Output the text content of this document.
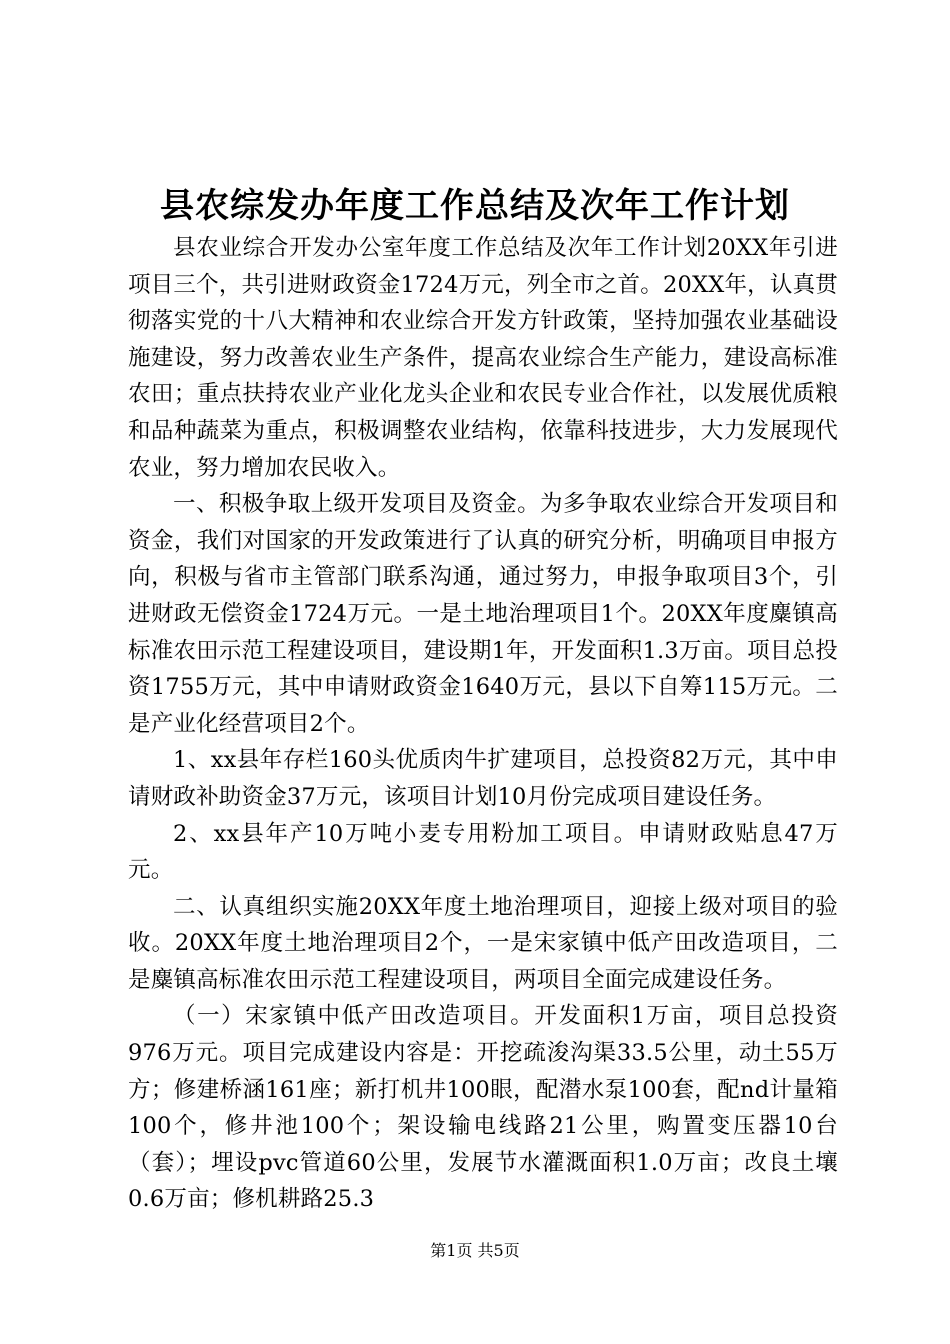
县农综发办年度工作总结及次年工作计划

县农业综合开发办公室年度工作总结及次年工作计划20XX年引进项目三个，共引进财政资金1724万元，列全市之首。20XX年，认真贯彻落实党的十八大精神和农业综合开发方针政策，坚持加强农业基础设施建设，努力改善农业生产条件，提高农业综合生产能力，建设高标准农田；重点扶持农业产业化龙头企业和农民专业合作社，以发展优质粮和品种蔬菜为重点，积极调整农业结构，依靠科技进步，大力发展现代农业，努力增加农民收入。

一、积极争取上级开发项目及资金。为多争取农业综合开发项目和资金，我们对国家的开发政策进行了认真的研究分析，明确项目申报方向，积极与省市主管部门联系沟通，通过努力，申报争取项目3个，引进财政无偿资金1724万元。一是土地治理项目1个。20XX年度麋镇高标准农田示范工程建设项目，建设期1年，开发面积1.3万亩。项目总投资1755万元，其中申请财政资金1640万元，县以下自筹115万元。二是产业化经营项目2个。

1、xx县年存栏160头优质肉牛扩建项目，总投资82万元，其中申请财政补助资金37万元，该项目计划10月份完成项目建设任务。

2、xx县年产10万吨小麦专用粉加工项目。申请财政贴息47万元。

二、认真组织实施20XX年度土地治理项目，迎接上级对项目的验收。20XX年度土地治理项目2个，一是宋家镇中低产田改造项目，二是麋镇高标准农田示范工程建设项目，两项目全面完成建设任务。

（一）宋家镇中低产田改造项目。开发面积1万亩，项目总投资976万元。项目完成建设内容是：开挖疏浚沟渠33.5公里，动土55万方；修建桥涵161座；新打机井100眼，配潜水泵100套，配nd计量箱100个，修井池100个；架设输电线路21公里，购置变压器10台（套）；埋设pvc管道60公里，发展节水灌溉面积1.0万亩；改良土壤0.6万亩；修机耕路25.3

第1页 共5页
